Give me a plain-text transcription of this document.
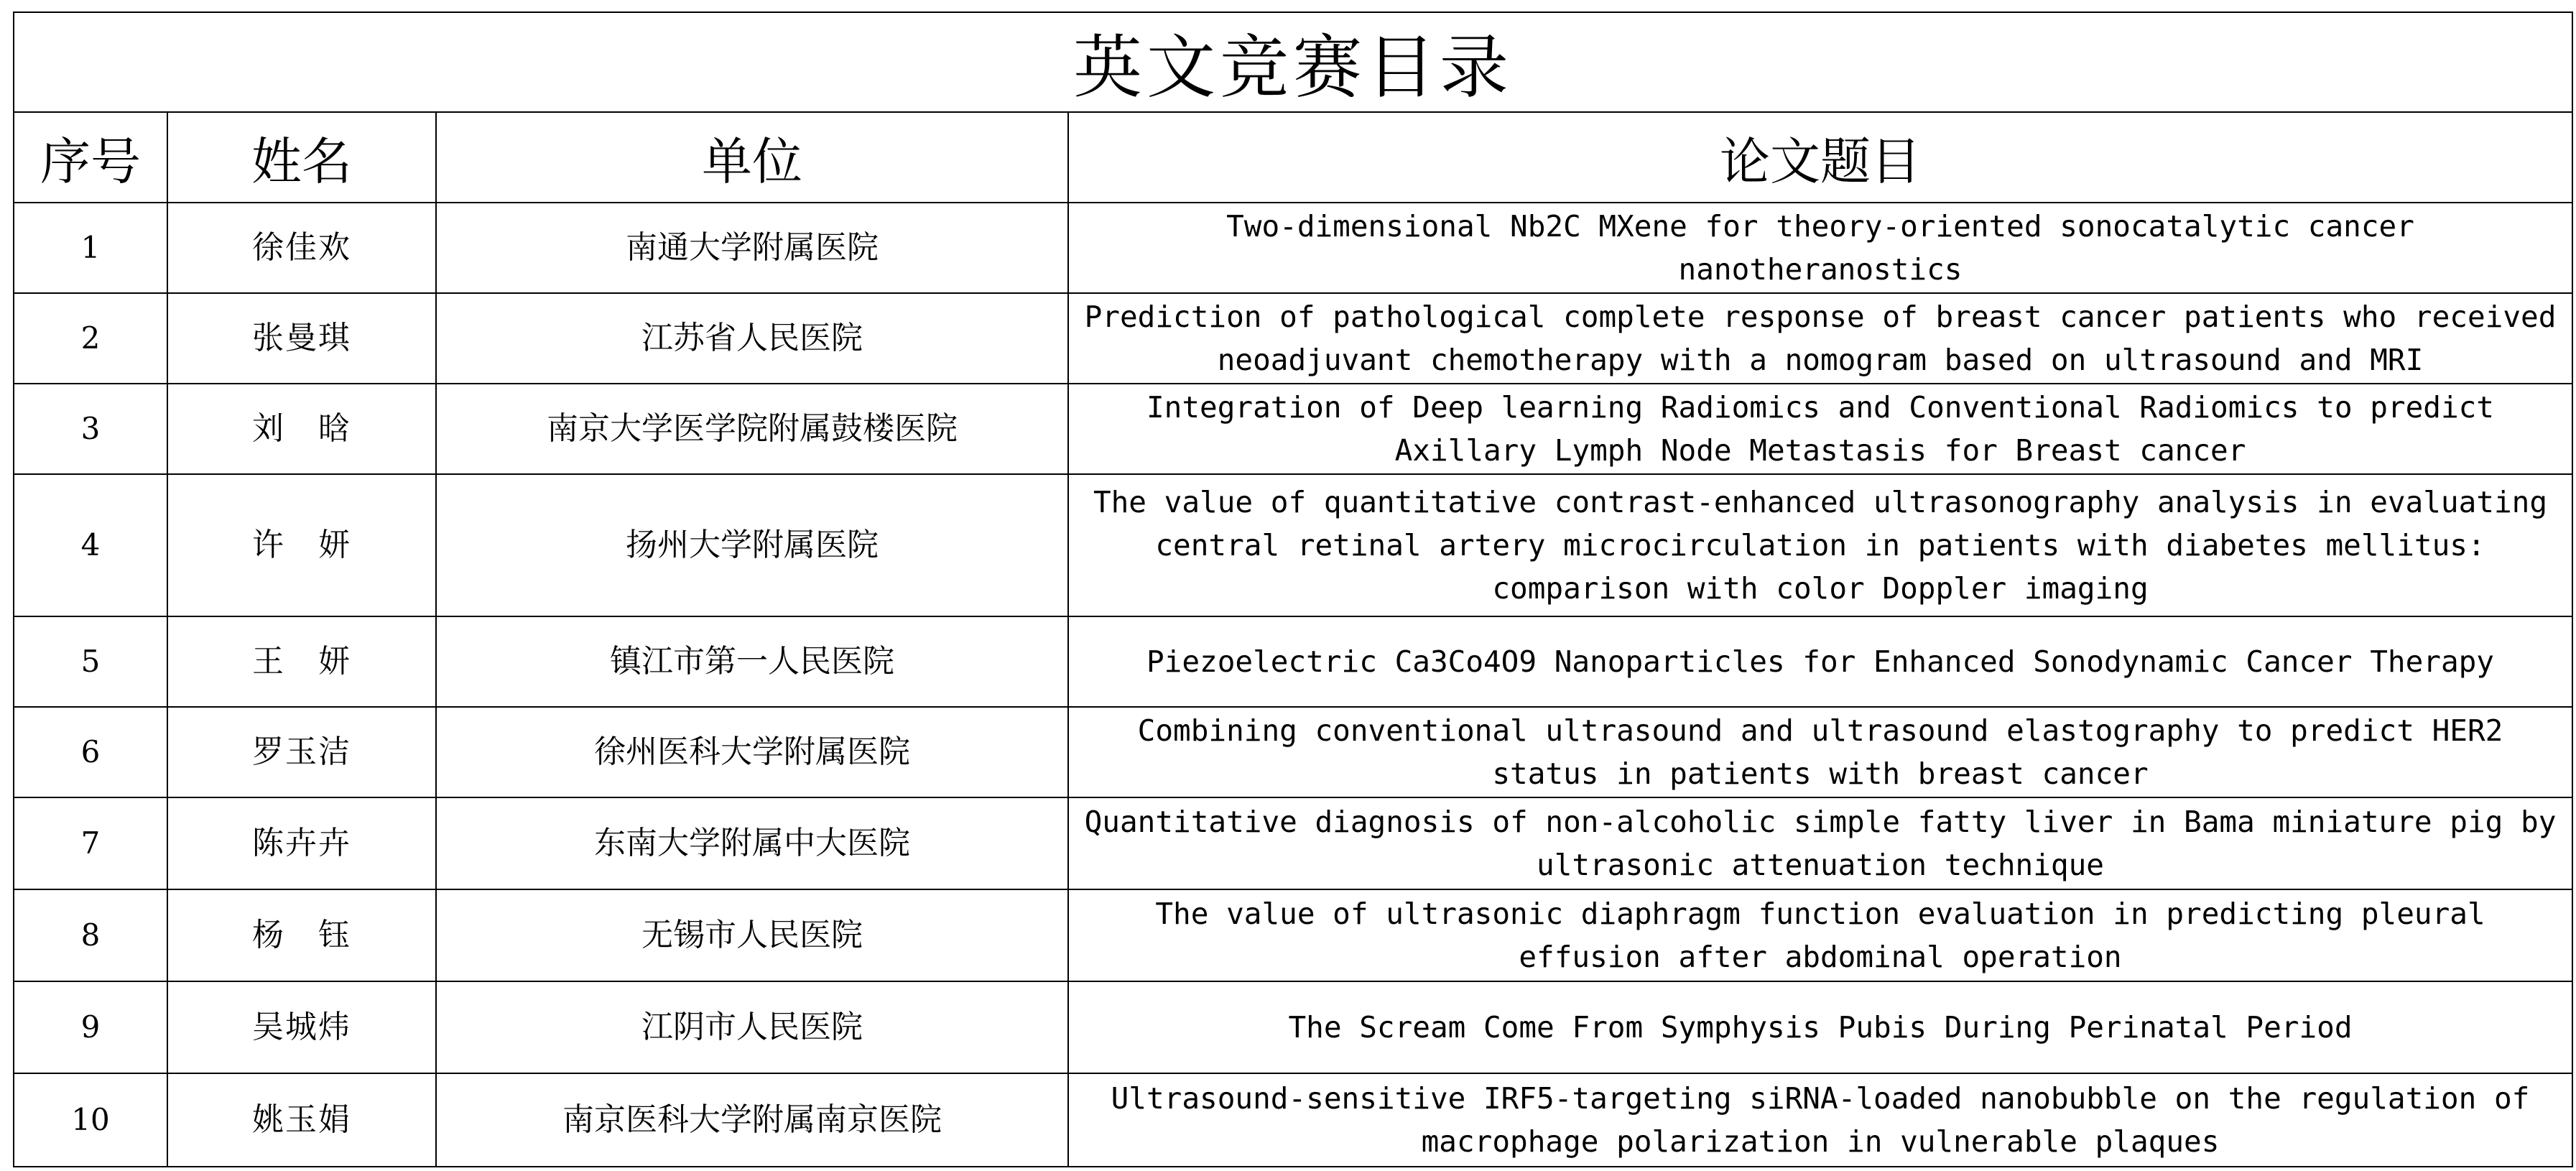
英文竞赛目录			
序号	姓名	单位	论文题目
1	徐佳欢	南通大学附属医院	Two-dimensional Nb2C MXene for theory-oriented sonocatalytic cancer nanotheranostics
2	张曼琪	江苏省人民医院	Prediction of pathological complete response of breast cancer patients who received neoadjuvant chemotherapy with a nomogram based on ultrasound and MRI
3	刘　晗	南京大学医学院附属鼓楼医院	Integration of Deep learning Radiomics and Conventional Radiomics to predict Axillary Lymph Node Metastasis for Breast cancer
4	许　妍	扬州大学附属医院	The value of quantitative contrast-enhanced ultrasonography analysis in evaluating central retinal artery microcirculation in patients with diabetes mellitus: comparison with color Doppler imaging
5	王　妍	镇江市第一人民医院	Piezoelectric Ca3Co4O9 Nanoparticles for Enhanced Sonodynamic Cancer Therapy
6	罗玉洁	徐州医科大学附属医院	Combining conventional ultrasound and ultrasound elastography to predict HER2 status in patients with breast cancer
7	陈卉卉	东南大学附属中大医院	Quantitative diagnosis of non-alcoholic simple fatty liver in Bama miniature pig by ultrasonic attenuation technique
8	杨　钰	无锡市人民医院	The value of ultrasonic diaphragm function evaluation in predicting pleural effusion after abdominal operation
9	吴城炜	江阴市人民医院	The Scream Come From Symphysis Pubis During Perinatal Period
10	姚玉娟	南京医科大学附属南京医院	Ultrasound-sensitive IRF5-targeting siRNA-loaded nanobubble on the regulation of macrophage polarization in vulnerable plaques
